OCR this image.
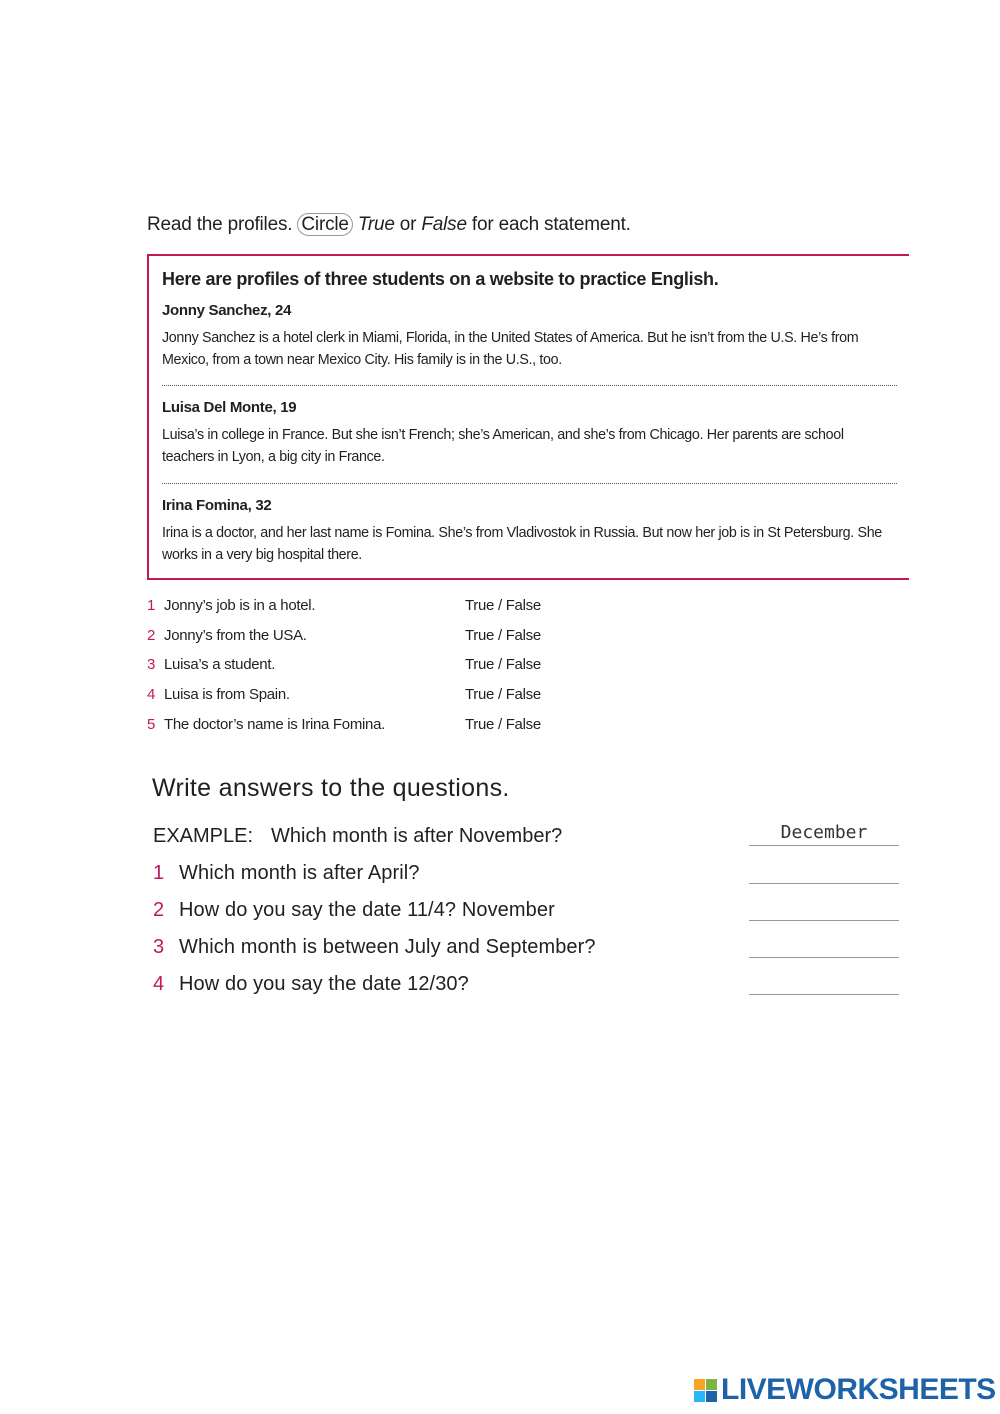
Read the profiles. Circle True or False for each statement.
Here are profiles of three students on a website to practice English.
Jonny Sanchez, 24
Jonny Sanchez is a hotel clerk in Miami, Florida, in the United States of America. But he isn’t from the U.S. He’s from Mexico, from a town near Mexico City. His family is in the U.S., too.
Luisa Del Monte, 19
Luisa’s in college in France. But she isn’t French; she’s American, and she’s from Chicago. Her parents are school teachers in Lyon, a big city in France.
Irina Fomina, 32
Irina is a doctor, and her last name is Fomina. She’s from Vladivostok in Russia. But now her job is in St Petersburg. She works in a very big hospital there.
1 Jonny’s job is in a hotel.	True / False
2 Jonny’s from the USA.	True / False
3 Luisa’s a student.	True / False
4 Luisa is from Spain.	True / False
5 The doctor’s name is Irina Fomina.	True / False
Write answers to the questions.
EXAMPLE: Which month is after November?	December
1 Which month is after April?
2 How do you say the date 11/4? November
3 Which month is between July and September?
4 How do you say the date 12/30?
LIVEWORKSHEETS
